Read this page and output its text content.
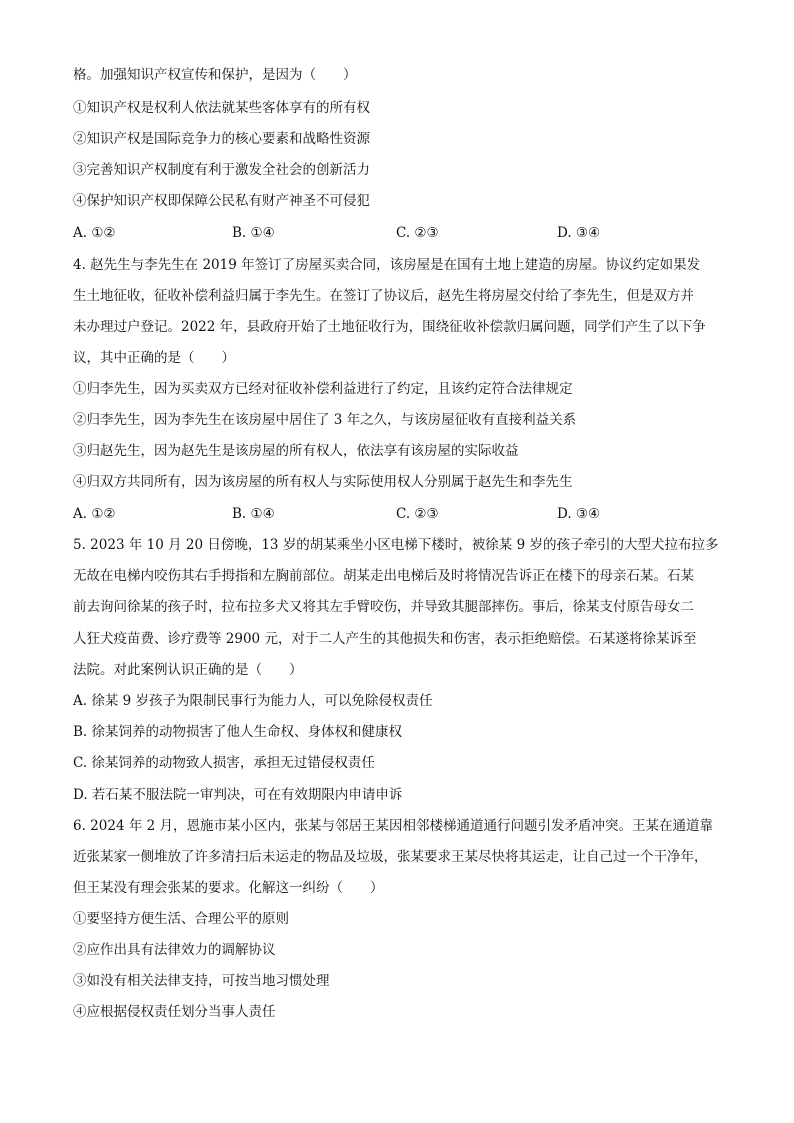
格。加强知识产权宣传和保护，是因为（　　）
①知识产权是权利人依法就某些客体享有的所有权
②知识产权是国际竞争力的核心要素和战略性资源
③完善知识产权制度有利于激发全社会的创新活力
④保护知识产权即保障公民私有财产神圣不可侵犯
A. ①②	B. ①④	C. ②③	D. ③④
4. 赵先生与李先生在 2019 年签订了房屋买卖合同，该房屋是在国有土地上建造的房屋。协议约定如果发
生土地征收，征收补偿利益归属于李先生。在签订了协议后，赵先生将房屋交付给了李先生，但是双方并
未办理过户登记。2022 年，县政府开始了土地征收行为，围绕征收补偿款归属问题，同学们产生了以下争
议，其中正确的是（　　）
①归李先生，因为买卖双方已经对征收补偿利益进行了约定，且该约定符合法律规定
②归李先生，因为李先生在该房屋中居住了 3 年之久，与该房屋征收有直接利益关系
③归赵先生，因为赵先生是该房屋的所有权人，依法享有该房屋的实际收益
④归双方共同所有，因为该房屋的所有权人与实际使用权人分别属于赵先生和李先生
A. ①②	B. ①④	C. ②③	D. ③④
5. 2023 年 10 月 20 日傍晚，13 岁的胡某乘坐小区电梯下楼时，被徐某 9 岁的孩子牵引的大型犬拉布拉多
无故在电梯内咬伤其右手拇指和左胸前部位。胡某走出电梯后及时将情况告诉正在楼下的母亲石某。石某
前去询问徐某的孩子时，拉布拉多犬又将其左手臂咬伤，并导致其腿部摔伤。事后，徐某支付原告母女二
人狂犬疫苗费、诊疗费等 2900 元，对于二人产生的其他损失和伤害，表示拒绝赔偿。石某遂将徐某诉至
法院。对此案例认识正确的是（　　）
A. 徐某 9 岁孩子为限制民事行为能力人，可以免除侵权责任
B. 徐某饲养的动物损害了他人生命权、身体权和健康权
C. 徐某饲养的动物致人损害，承担无过错侵权责任
D. 若石某不服法院一审判决，可在有效期限内申请申诉
6. 2024 年 2 月，恩施市某小区内，张某与邻居王某因相邻楼梯通道通行问题引发矛盾冲突。王某在通道靠
近张某家一侧堆放了许多清扫后未运走的物品及垃圾，张某要求王某尽快将其运走，让自己过一个干净年，
但王某没有理会张某的要求。化解这一纠纷（　　）
①要坚持方便生活、合理公平的原则
②应作出具有法律效力的调解协议
③如没有相关法律支持，可按当地习惯处理
④应根据侵权责任划分当事人责任
